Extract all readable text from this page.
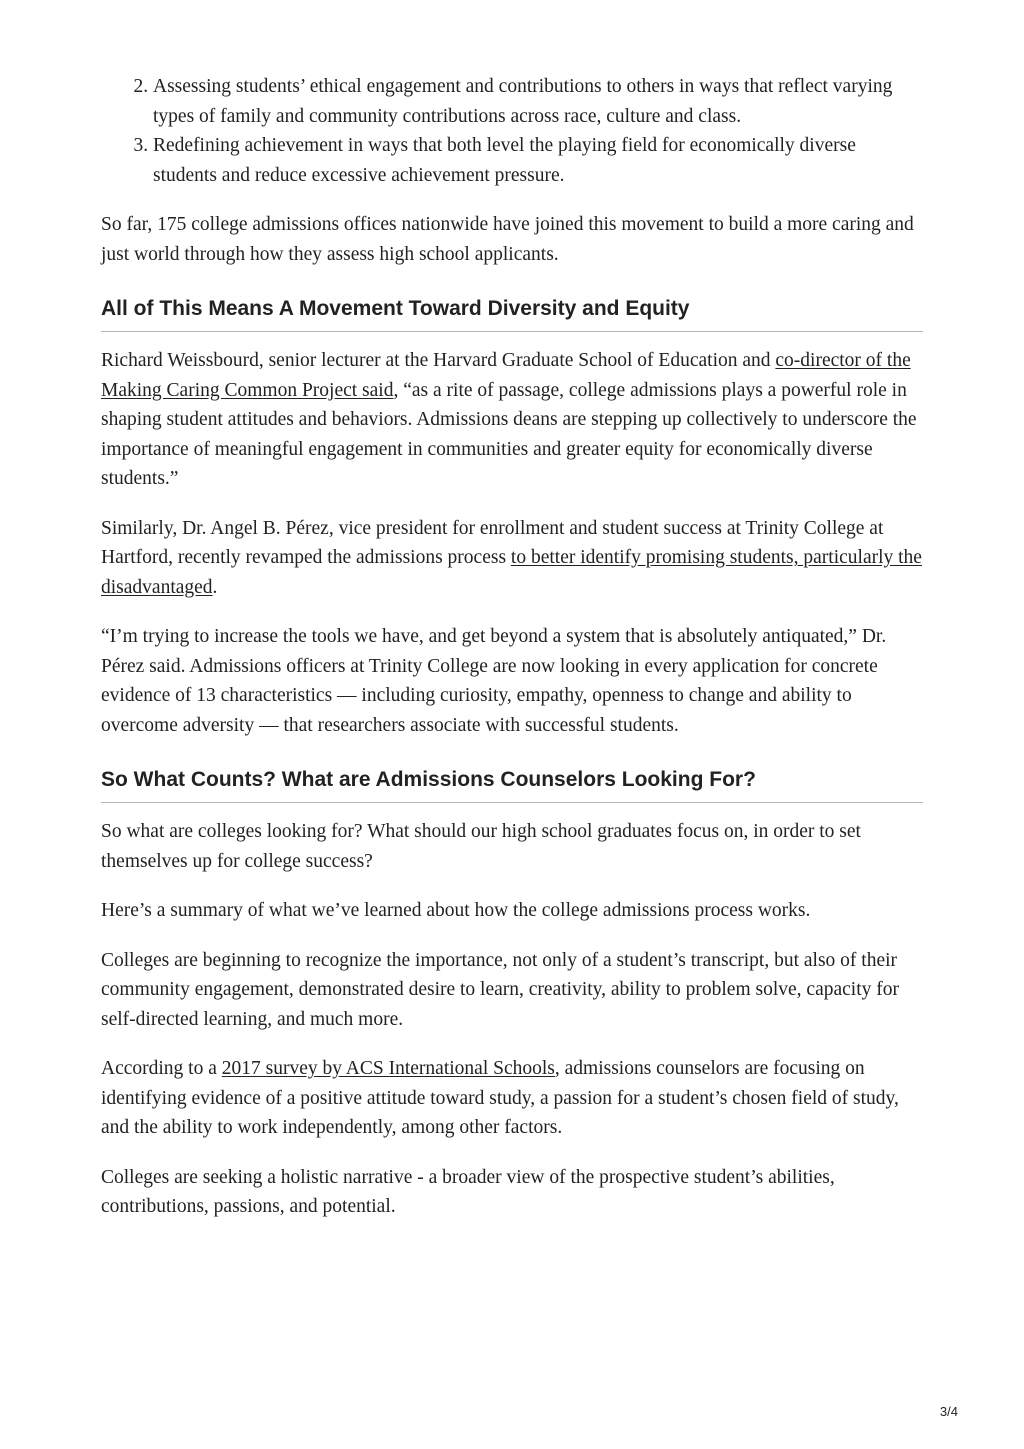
2. Assessing students’ ethical engagement and contributions to others in ways that reflect varying types of family and community contributions across race, culture and class.
3. Redefining achievement in ways that both level the playing field for economically diverse students and reduce excessive achievement pressure.

So far, 175 college admissions offices nationwide have joined this movement to build a more caring and just world through how they assess high school applicants.

All of This Means A Movement Toward Diversity and Equity

Richard Weissbourd, senior lecturer at the Harvard Graduate School of Education and co-director of the Making Caring Common Project said, “as a rite of passage, college admissions plays a powerful role in shaping student attitudes and behaviors. Admissions deans are stepping up collectively to underscore the importance of meaningful engagement in communities and greater equity for economically diverse students.”

Similarly, Dr. Angel B. Pérez, vice president for enrollment and student success at Trinity College at Hartford, recently revamped the admissions process to better identify promising students, particularly the disadvantaged.

“I’m trying to increase the tools we have, and get beyond a system that is absolutely antiquated,” Dr. Pérez said. Admissions officers at Trinity College are now looking in every application for concrete evidence of 13 characteristics — including curiosity, empathy, openness to change and ability to overcome adversity — that researchers associate with successful students.

So What Counts? What are Admissions Counselors Looking For?

So what are colleges looking for? What should our high school graduates focus on, in order to set themselves up for college success?

Here’s a summary of what we’ve learned about how the college admissions process works.

Colleges are beginning to recognize the importance, not only of a student’s transcript, but also of their community engagement, demonstrated desire to learn, creativity, ability to problem solve, capacity for self-directed learning, and much more.

According to a 2017 survey by ACS International Schools, admissions counselors are focusing on identifying evidence of a positive attitude toward study, a passion for a student’s chosen field of study, and the ability to work independently, among other factors.

Colleges are seeking a holistic narrative - a broader view of the prospective student’s abilities, contributions, passions, and potential.

3/4
